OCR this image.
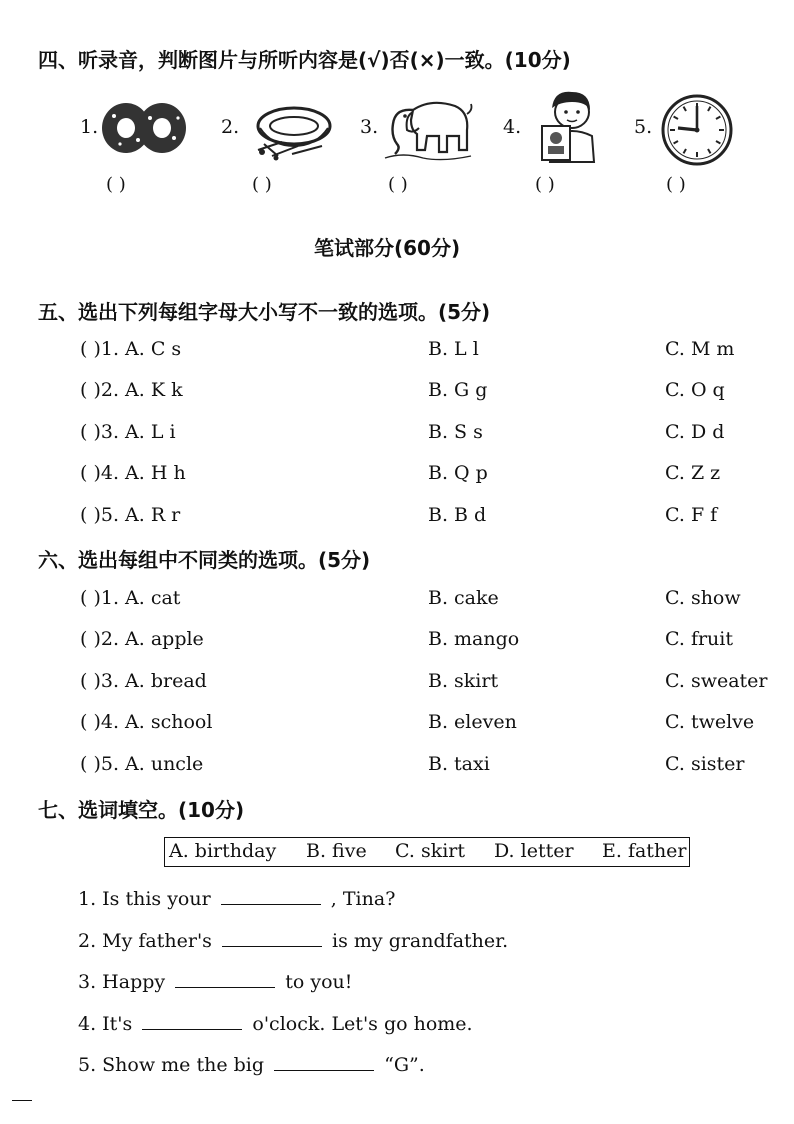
四、听录音，判断图片与所听内容是(√)否(×)一致。(10分)
1.
( )
2.
( )
3.
( )
4.
( )
5.
( )
笔试部分(60分)
五、选出下列每组字母大小写不一致的选项。(5分)
( )1. A. C s	B. L l	C. M m
( )2. A. K k	B. G g	C. O q
( )3. A. L i	B. S s	C. D d
( )4. A. H h	B. Q p	C. Z z
( )5. A. R r	B. B d	C. F f
六、选出每组中不同类的选项。(5分)
( )1. A. cat	B. cake	C. show
( )2. A. apple	B. mango	C. fruit
( )3. A. bread	B. skirt	C. sweater
( )4. A. school	B. eleven	C. twelve
( )5. A. uncle	B. taxi	C. sister
七、选词填空。(10分)
A. birthday B. five C. skirt D. letter E. father
1. Is this your	, Tina?
2. My father's	is my grandfather.
3. Happy	to you!
4. It's	o'clock. Let's go home.
5. Show me the big	“G”.
